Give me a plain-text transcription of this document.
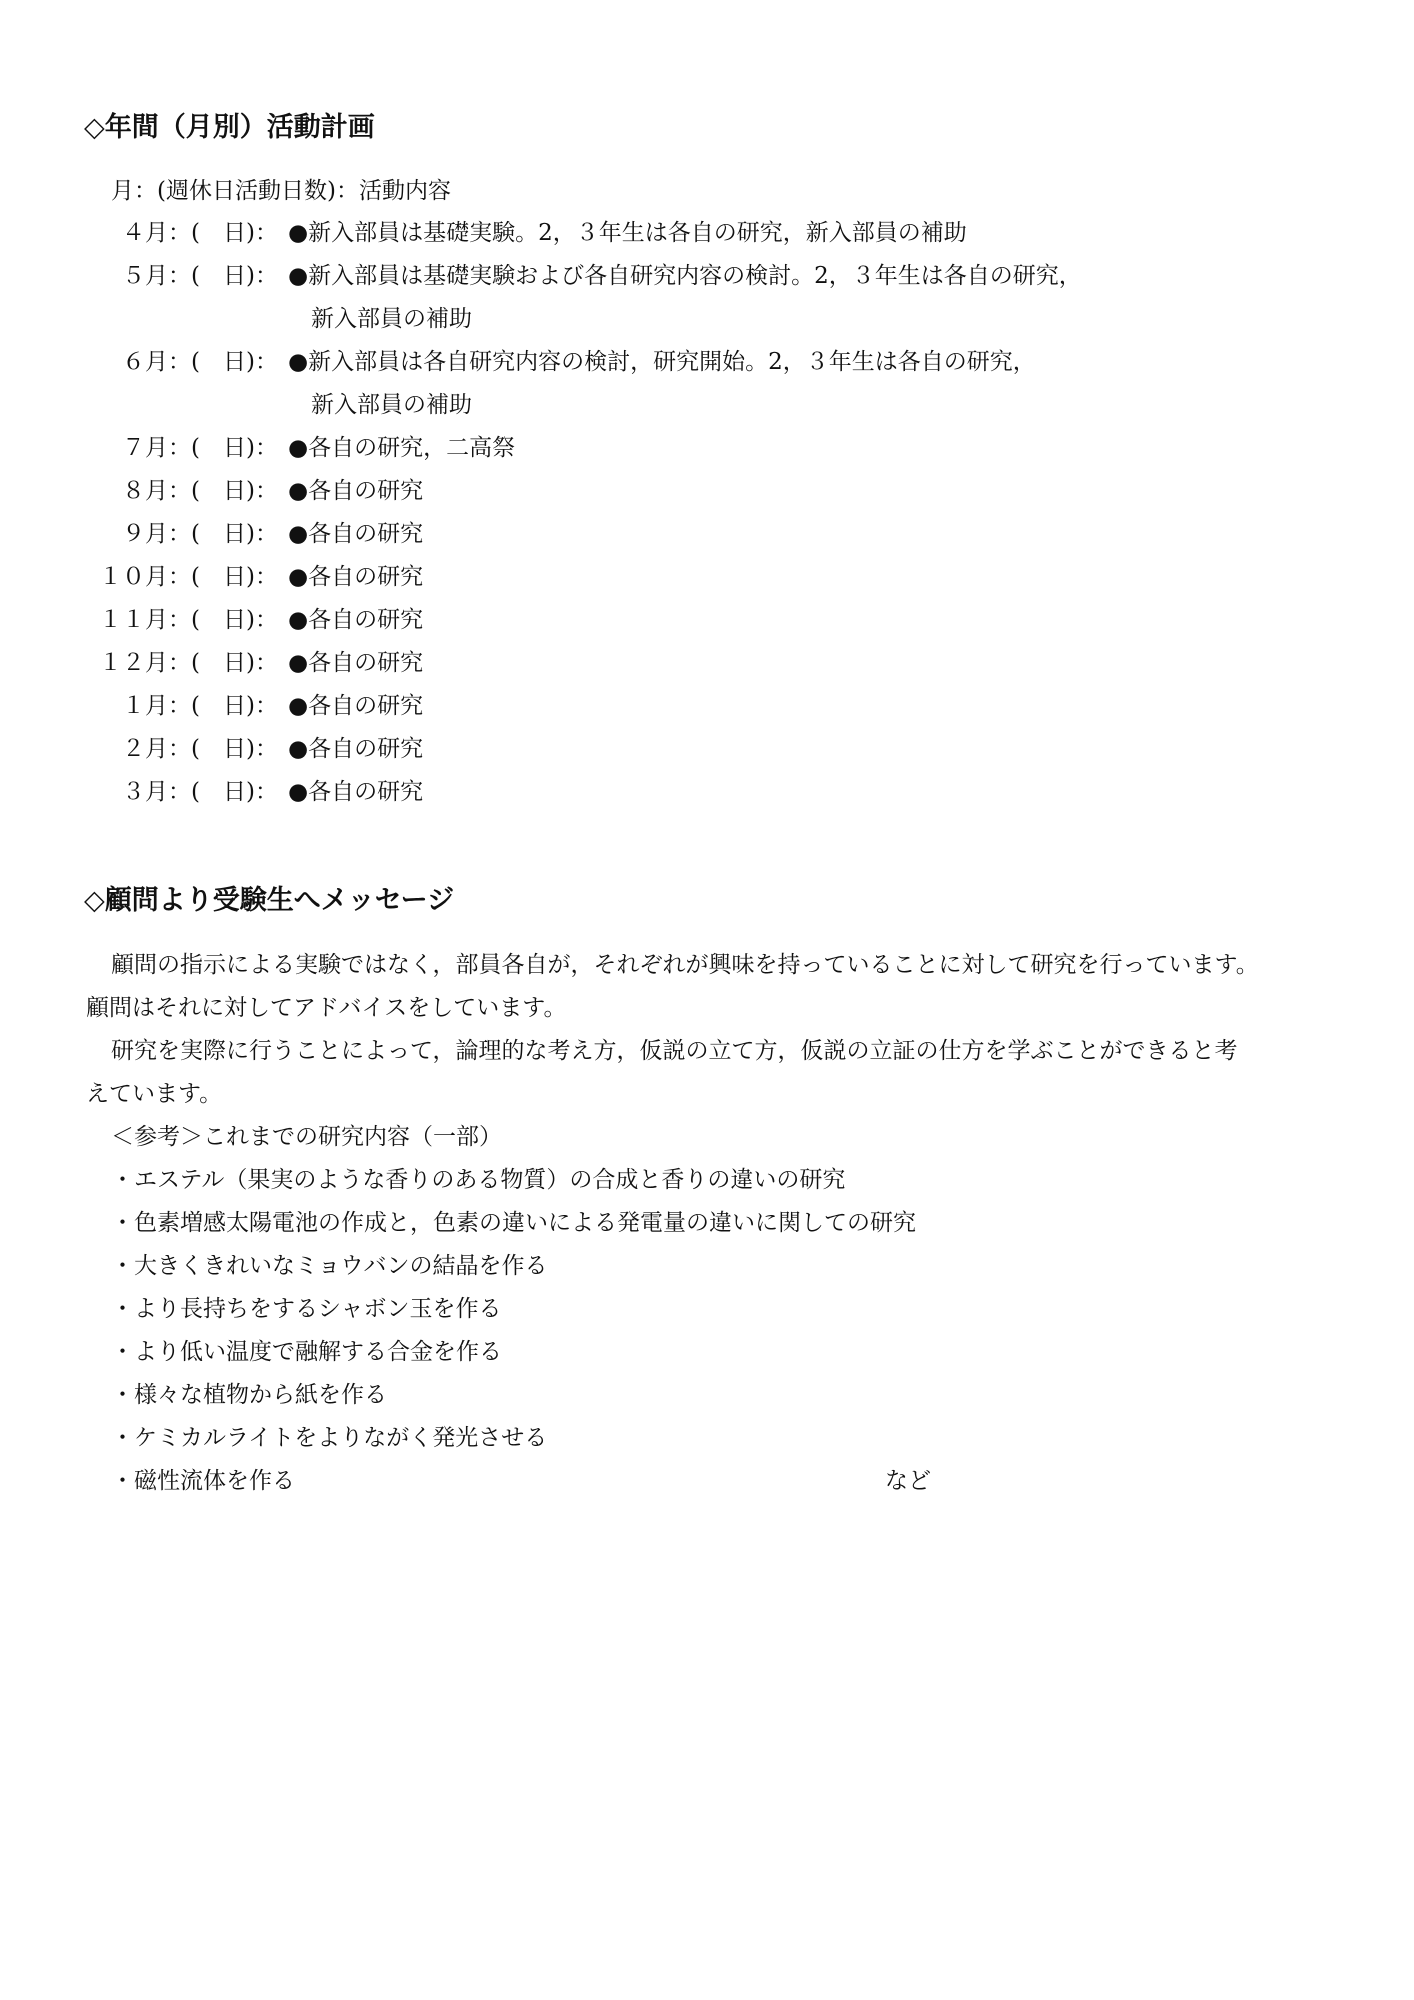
◇年間（月別）活動計画
月：(週休日活動日数)：活動内容
４月： (　日)： ●新入部員は基礎実験。2，３年生は各自の研究，新入部員の補助
５月： (　日)： ●新入部員は基礎実験および各自研究内容の検討。2，３年生は各自の研究，
新入部員の補助
６月： (　日)： ●新入部員は各自研究内容の検討，研究開始。2，３年生は各自の研究，
新入部員の補助
７月： (　日)： ●各自の研究，二高祭
８月： (　日)： ●各自の研究
９月： (　日)： ●各自の研究
１０月： (　日)： ●各自の研究
１１月： (　日)： ●各自の研究
１２月： (　日)： ●各自の研究
１月： (　日)： ●各自の研究
２月： (　日)： ●各自の研究
３月： (　日)： ●各自の研究
◇顧問より受験生へメッセージ
顧問の指示による実験ではなく，部員各自が，それぞれが興味を持っていることに対して研究を行っています。
顧問はそれに対してアドバイスをしています。
研究を実際に行うことによって，論理的な考え方，仮説の立て方，仮説の立証の仕方を学ぶことができると考
えています。
＜参考＞これまでの研究内容（一部）
・エステル（果実のような香りのある物質）の合成と香りの違いの研究
・色素増感太陽電池の作成と，色素の違いによる発電量の違いに関しての研究
・大きくきれいなミョウバンの結晶を作る
・より長持ちをするシャボン玉を作る
・より低い温度で融解する合金を作る
・様々な植物から紙を作る
・ケミカルライトをよりながく発光させる
・磁性流体を作る	など
